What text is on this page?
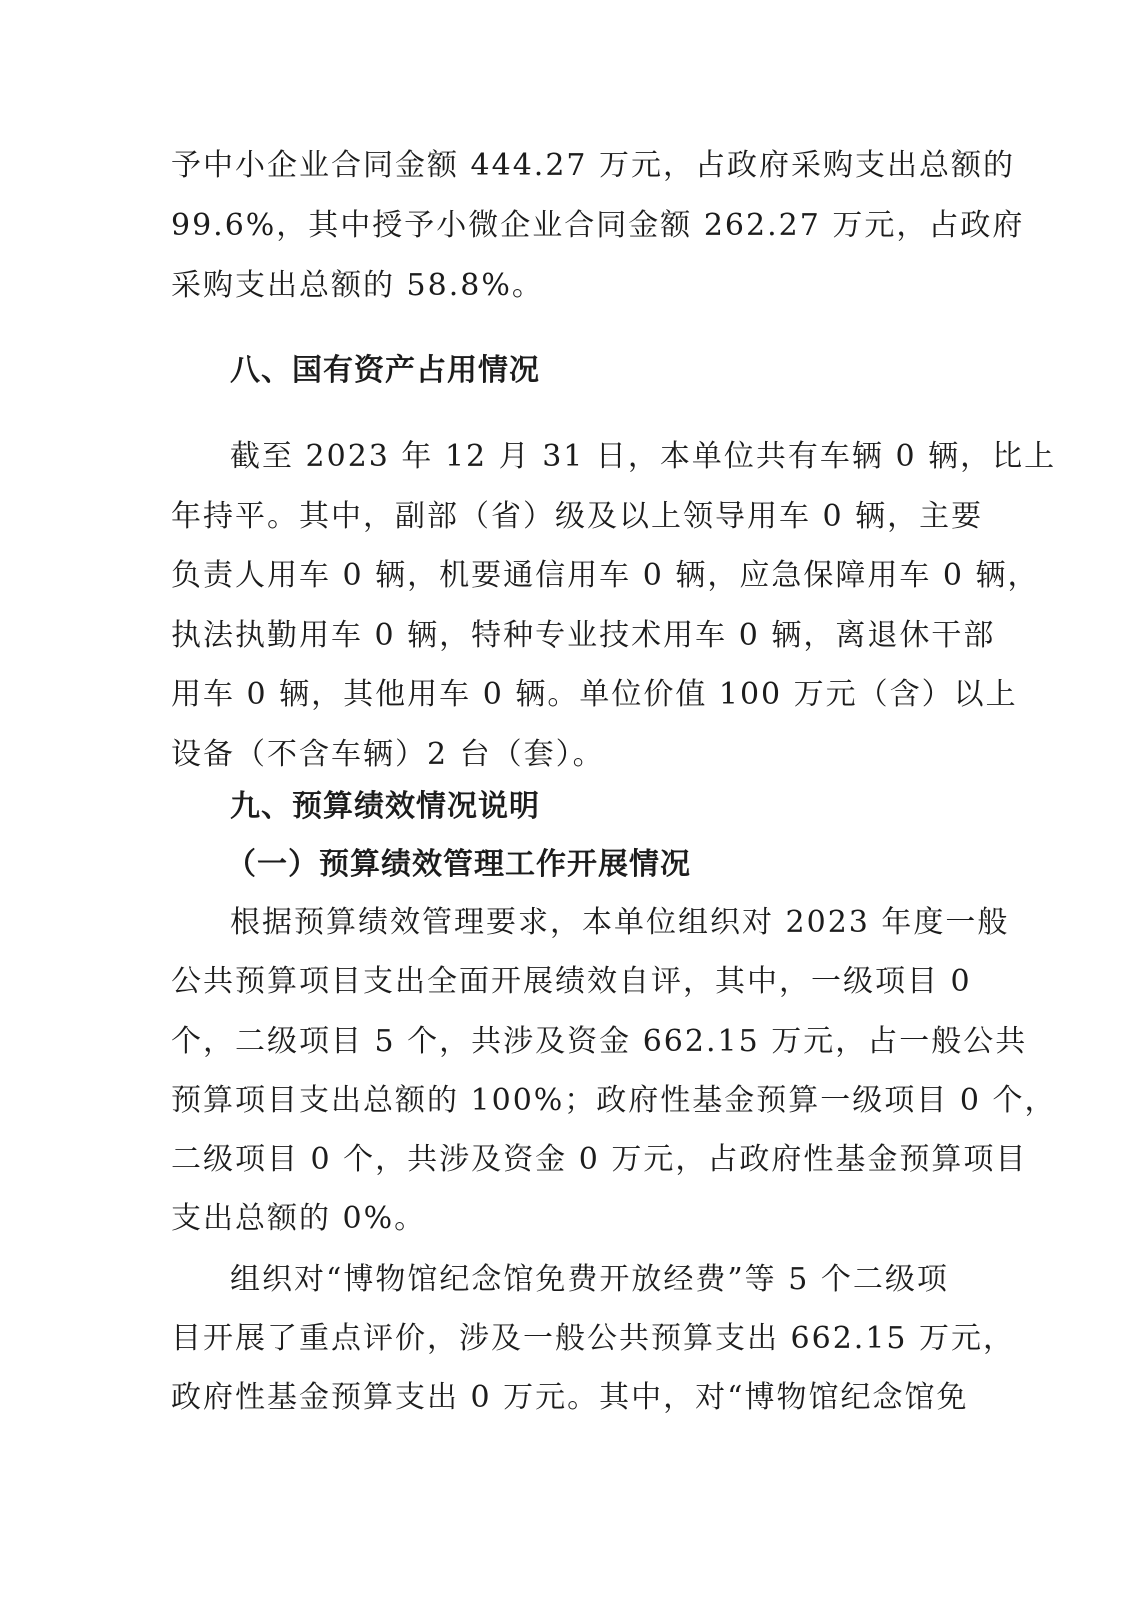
予中小企业合同金额 444.27 万元，占政府采购支出总额的
99.6%，其中授予小微企业合同金额 262.27 万元，占政府
采购支出总额的 58.8%。
八、国有资产占用情况
截至 2023 年 12 月 31 日，本单位共有车辆 0 辆，比上
年持平。其中，副部（省）级及以上领导用车 0 辆，主要
负责人用车 0 辆，机要通信用车 0 辆，应急保障用车 0 辆，
执法执勤用车 0 辆，特种专业技术用车 0 辆，离退休干部
用车 0 辆，其他用车 0 辆。单位价值 100 万元（含）以上
设备（不含车辆）2 台（套）。
九、预算绩效情况说明
（一）预算绩效管理工作开展情况
根据预算绩效管理要求，本单位组织对 2023 年度一般
公共预算项目支出全面开展绩效自评，其中，一级项目 0
个，二级项目 5 个，共涉及资金 662.15 万元，占一般公共
预算项目支出总额的 100%；政府性基金预算一级项目 0 个，
二级项目 0 个，共涉及资金 0 万元，占政府性基金预算项目
支出总额的 0%。
组织对“博物馆纪念馆免费开放经费”等 5 个二级项
目开展了重点评价，涉及一般公共预算支出 662.15 万元，
政府性基金预算支出 0 万元。其中，对“博物馆纪念馆免
